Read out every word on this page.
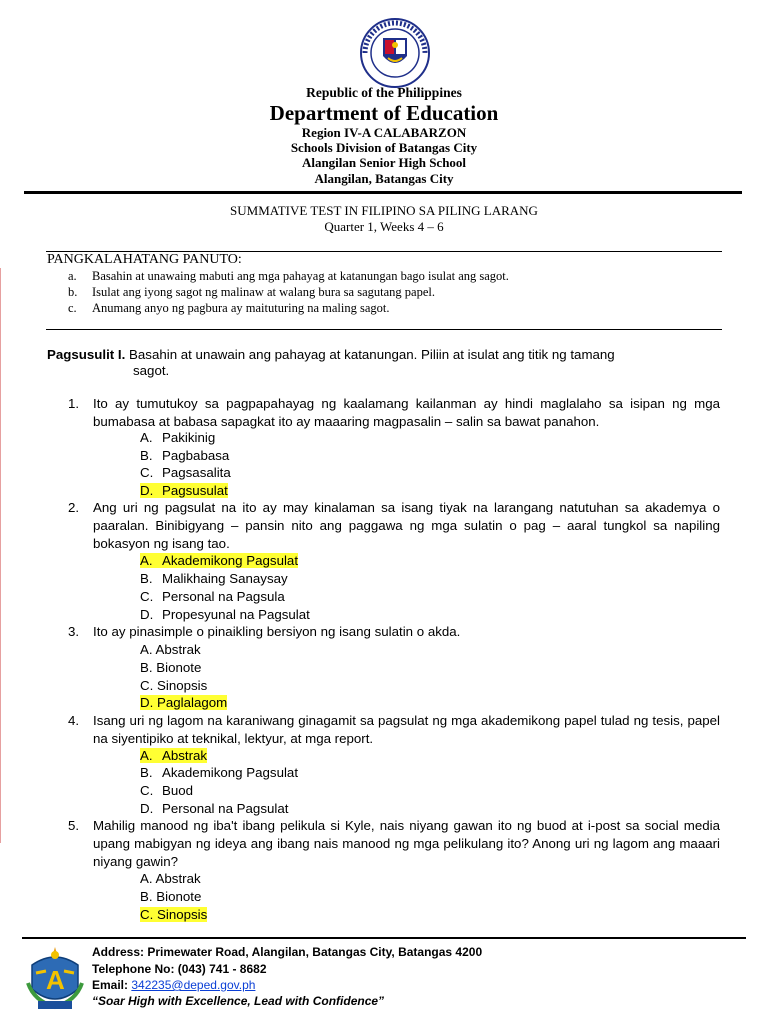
Republic of the Philippines
Department of Education
Region IV-A CALABARZON
Schools Division of Batangas City
Alangilan Senior High School
Alangilan, Batangas City
SUMMATIVE TEST IN FILIPINO SA PILING LARANG
Quarter 1, Weeks 4 – 6
PANGKALAHATANG PANUTO:
a. Basahin at unawaing mabuti ang mga pahayag at katanungan bago isulat ang sagot.
b. Isulat ang iyong sagot ng malinaw at walang bura sa sagutang papel.
c. Anumang anyo ng pagbura ay maituturing na maling sagot.
Pagsusulit I. Basahin at unawain ang pahayag at katanungan. Piliin at isulat ang titik ng tamang
sagot.
1. Ito ay tumutukoy sa pagpapahayag ng kaalamang kailanman ay hindi maglalaho sa isipan ng mga bumabasa at babasa sapagkat ito ay maaaring magpasalin – salin sa bawat panahon.
A. Pakikinig
B. Pagbabasa
C. Pagsasalita
D. Pagsusulat
2. Ang uri ng pagsulat na ito ay may kinalaman sa isang tiyak na larangang natutuhan sa akademya o paaralan. Binibigyang – pansin nito ang paggawa ng mga sulatin o pag – aaral tungkol sa napiling bokasyon ng isang tao.
A. Akademikong Pagsulat
B. Malikhaing Sanaysay
C. Personal na Pagsula
D. Propesyunal na Pagsulat
3. Ito ay pinasimple o pinaikling bersiyon ng isang sulatin o akda.
A. Abstrak
B. Bionote
C. Sinopsis
D. Paglalagom
4. Isang uri ng lagom na karaniwang ginagamit sa pagsulat ng mga akademikong papel tulad ng tesis, papel na siyentipiko at teknikal, lektyur, at mga report.
A. Abstrak
B. Akademikong Pagsulat
C. Buod
D. Personal na Pagsulat
5. Mahilig manood ng iba't ibang pelikula si Kyle, nais niyang gawan ito ng buod at i-post sa social media upang mabigyan ng ideya ang ibang nais manood ng mga pelikulang ito? Anong uri ng lagom ang maaari niyang gawin?
A. Abstrak
B. Bionote
C. Sinopsis
A
Address: Primewater Road, Alangilan, Batangas City, Batangas 4200
Telephone No: (043) 741 - 8682
Email: 342235@deped.gov.ph
“Soar High with Excellence, Lead with Confidence”
